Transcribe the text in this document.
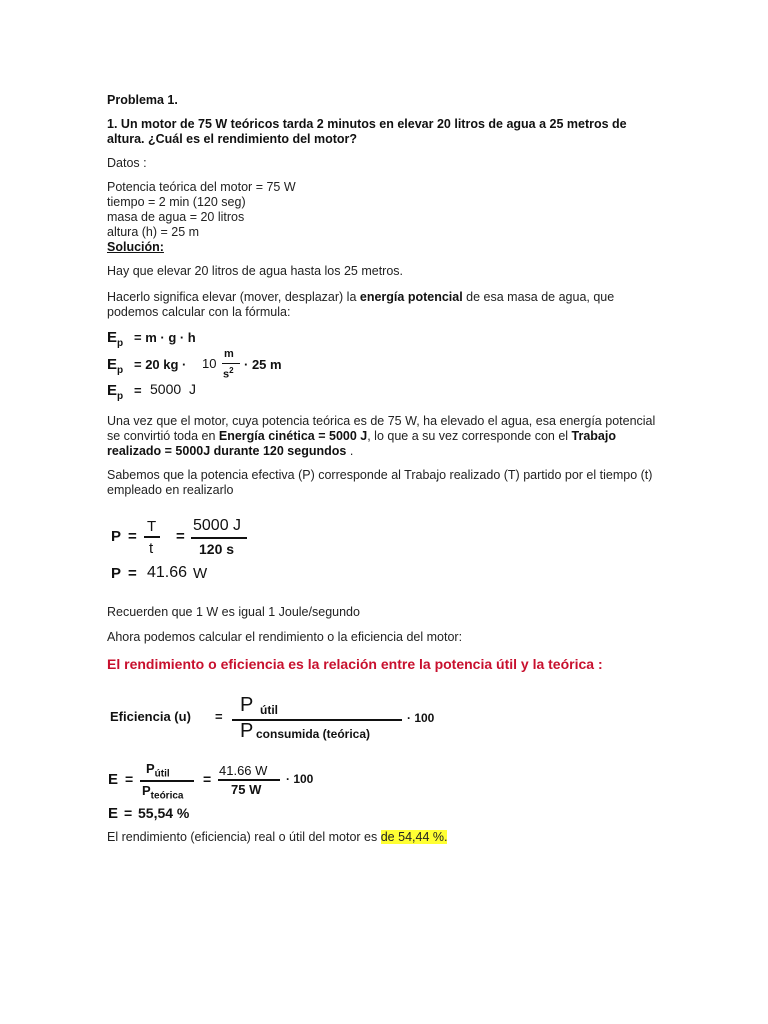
Problema 1.
1. Un motor de 75 W teóricos tarda 2 minutos en elevar 20 litros de agua a 25 metros de
altura. ¿Cuál es el rendimiento del motor?
Datos :
Potencia teórica del motor = 75 W
tiempo = 2 min (120 seg)
masa de agua = 20 litros
altura (h) = 25 m
Solución:
Hay que elevar 20 litros de agua hasta los 25 metros.
Hacerlo significa elevar (mover, desplazar) la energía potencial de esa masa de agua, que
podemos calcular con la fórmula:
$E_p = m \cdot g \cdot h$
$E_p = 20$ kg · 10
m
$s^2 \cdot 25$ m
$E_p = 5000$ J
Una vez que el motor, cuya potencia teórica es de 75 W, ha elevado el agua, esa energía potencial
se convirtió toda en Energía cinética = 5000 J, lo que a su vez corresponde con el Trabajo
realizado = 5000J durante 120 segundos .
Sabemos que la potencia efectiva (P) corresponde al Trabajo realizado (T) partido por el tiempo (t)
empleado en realizarlo
P =
T
t
=
5000 J
120 s
P = 41.66 W
Recuerden que 1 W es igual 1 Joule/segundo
Ahora podemos calcular el rendimiento o la eficiencia del motor:
El rendimiento o eficiencia es la relación entre la potencia útil y la teórica :
Eficiencia (u) =
P útil
P consumida (teórica)
· 100
E =
$P_{útil}$
$P_{teórica}$
=
41.66 W
75 W
· 100
E = 55,54 %
El rendimiento (eficiencia) real o útil del motor es de 54,44 %.
